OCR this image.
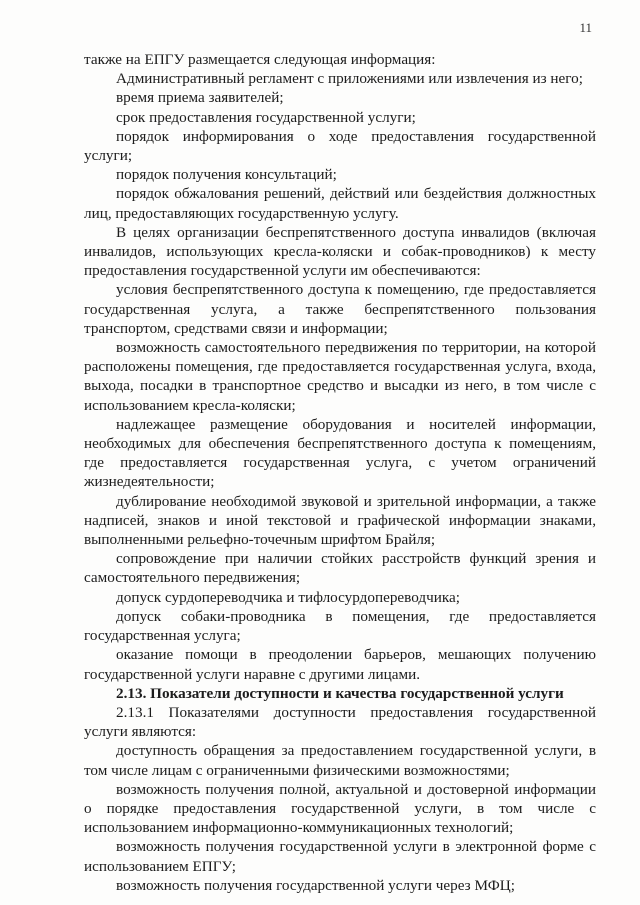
11

также на ЕПГУ размещается следующая информация:

Административный регламент с приложениями или извлечения из него;

время приема заявителей;

срок предоставления государственной услуги;

порядок информирования о ходе предоставления государственной услуги;

порядок получения консультаций;

порядок обжалования решений, действий или бездействия должностных лиц, предоставляющих государственную услугу.

В целях организации беспрепятственного доступа инвалидов (включая инвалидов, использующих кресла-коляски и собак-проводников) к месту предоставления государственной услуги им обеспечиваются:

условия беспрепятственного доступа к помещению, где предоставляется государственная услуга, а также беспрепятственного пользования транспортом, средствами связи и информации;

возможность самостоятельного передвижения по территории, на которой расположены помещения, где предоставляется государственная услуга, входа, выхода, посадки в транспортное средство и высадки из него, в том числе с использованием кресла-коляски;

надлежащее размещение оборудования и носителей информации, необходимых для обеспечения беспрепятственного доступа к помещениям, где предоставляется государственная услуга, с учетом ограничений жизнедеятельности;

дублирование необходимой звуковой и зрительной информации, а также надписей, знаков и иной текстовой и графической информации знаками, выполненными рельефно-точечным шрифтом Брайля;

сопровождение при наличии стойких расстройств функций зрения и самостоятельного передвижения;

допуск сурдопереводчика и тифлосурдопереводчика;

допуск собаки-проводника в помещения, где предоставляется государственная услуга;

оказание помощи в преодолении барьеров, мешающих получению государственной услуги наравне с другими лицами.

2.13. Показатели доступности и качества государственной услуги

2.13.1 Показателями доступности предоставления государственной услуги являются:

доступность обращения за предоставлением государственной услуги, в том числе лицам с ограниченными физическими возможностями;

возможность получения полной, актуальной и достоверной информации о порядке предоставления государственной услуги, в том числе с использованием информационно-коммуникационных технологий;

возможность получения государственной услуги в электронной форме с использованием ЕПГУ;

возможность получения государственной услуги через МФЦ;
